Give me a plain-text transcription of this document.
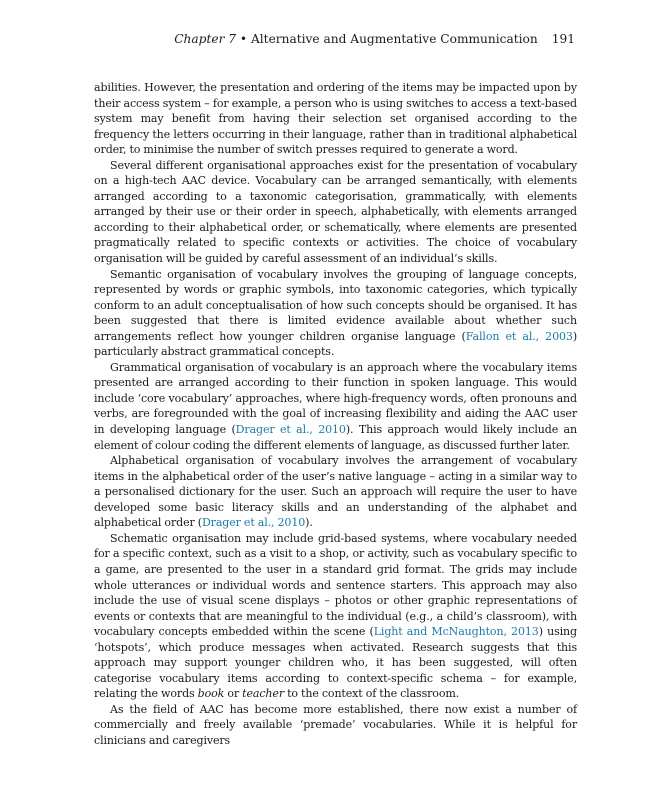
Chapter 7 • Alternative and Augmentative Communication 191

abilities. However, the presentation and ordering of the items may be impacted upon by their access system – for example, a person who is using switches to access a text-based system may benefit from having their selection set organised according to the frequency the letters occurring in their language, rather than in traditional alphabetical order, to minimise the number of switch presses required to generate a word.

Several different organisational approaches exist for the presentation of vocabulary on a high-tech AAC device. Vocabulary can be arranged semantically, with elements arranged according to a taxonomic categorisation, grammatically, with elements arranged by their use or their order in speech, alphabetically, with elements arranged according to their alphabetical order, or schematically, where elements are presented pragmatically related to specific contexts or activities. The choice of vocabulary organisation will be guided by careful assessment of an individual’s skills.

Semantic organisation of vocabulary involves the grouping of language concepts, represented by words or graphic symbols, into taxonomic categories, which typically conform to an adult conceptualisation of how such concepts should be organised. It has been suggested that there is limited evidence available about whether such arrangements reflect how younger children organise language (Fallon et al., 2003) particularly abstract grammatical concepts.

Grammatical organisation of vocabulary is an approach where the vocabulary items presented are arranged according to their function in spoken language. This would include ‘core vocabulary’ approaches, where high-frequency words, often pronouns and verbs, are foregrounded with the goal of increasing flexibility and aiding the AAC user in developing language (Drager et al., 2010). This approach would likely include an element of colour coding the different elements of language, as discussed further later.

Alphabetical organisation of vocabulary involves the arrangement of vocabulary items in the alphabetical order of the user’s native language – acting in a similar way to a personalised dictionary for the user. Such an approach will require the user to have developed some basic literacy skills and an understanding of the alphabet and alphabetical order (Drager et al., 2010).

Schematic organisation may include grid-based systems, where vocabulary needed for a specific context, such as a visit to a shop, or activity, such as vocabulary specific to a game, are presented to the user in a standard grid format. The grids may include whole utterances or individual words and sentence starters. This approach may also include the use of visual scene displays – photos or other graphic representations of events or contexts that are meaningful to the individual (e.g., a child’s classroom), with vocabulary concepts embedded within the scene (Light and McNaughton, 2013) using ‘hotspots’, which produce messages when activated. Research suggests that this approach may support younger children who, it has been suggested, will often categorise vocabulary items according to context-specific schema – for example, relating the words book or teacher to the context of the classroom.

As the field of AAC has become more established, there now exist a number of commercially and freely available ‘premade’ vocabularies. While it is helpful for clinicians and caregivers
